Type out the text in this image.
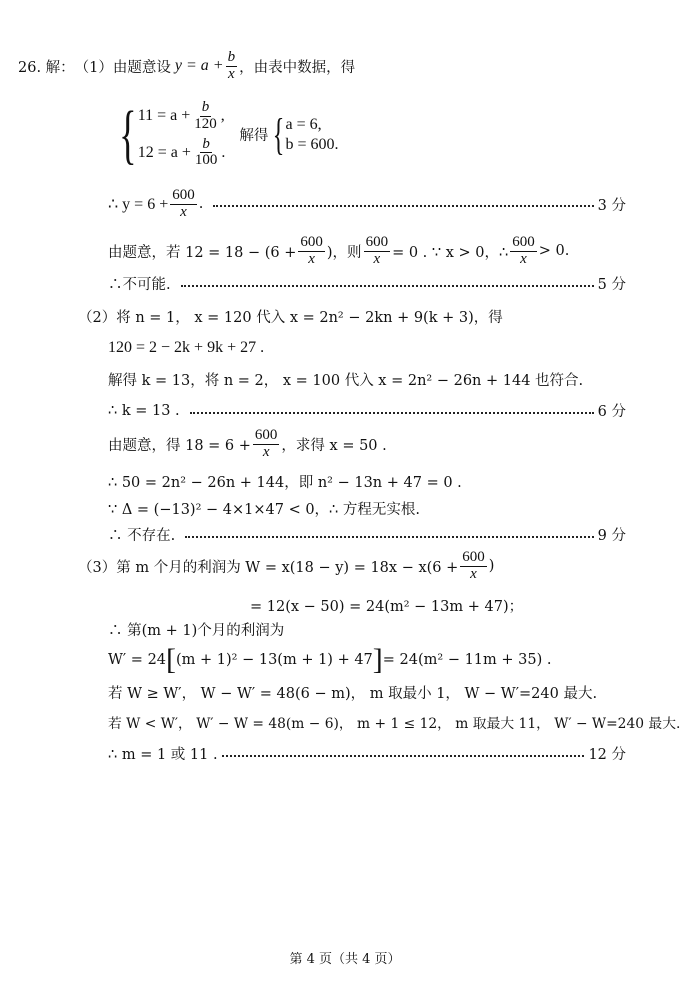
26. 解： （1） 由题意设 $y = a + \frac{b}{x}$ ，由表中数据，得
{ $11 = a + \frac{b}{120}$ ,
$12 = a + \frac{b}{100}$ .
解得 { a = 6,
b = 600.
∴ $y = 6 + \frac{600}{x}$ .	3 分
由题意，若 $12 = 18 - (6 + \frac{600}{x}$ )，则 $\frac{600}{x} = 0$ . ∵ x > 0，∴ $\frac{600}{x} > 0$.
∴不可能.	5 分
（2） 将 n = 1， x = 120 代入 x = 2n² − 2kn + 9(k + 3)，得
120 = 2 − 2k + 9k + 27 .
解得 k = 13，将 n = 2， x = 100 代入 x = 2n² − 26n + 144 也符合.
∴ k = 13 .	6 分
由题意，得 $18 = 6 + \frac{600}{x}$ ，求得 x = 50 .
∴ 50 = 2n² − 26n + 144，即 n² − 13n + 47 = 0 .
∵ Δ = (−13)² − 4×1×47 < 0，∴ 方程无实根.
∴ 不存在.	9 分
（3） 第 m 个月的利润为 $W = x(18 - y) = 18x - x(6 + \frac{600}{x}$ )
= 12(x − 50) = 24(m² − 13m + 47)；
∴ 第(m + 1)个月的利润为
W′ = 24 [ (m + 1)² − 13(m + 1) + 47 ] = 24(m² − 11m + 35) .
若 W ≥ W′， W − W′ = 48(6 − m)， m 取最小 1， W − W′=240 最大.
若 W < W′， W′ − W = 48(m − 6)， m + 1 ≤ 12， m 取最大 11， W′ − W=240 最大.
∴ m = 1 或 11 .	12 分
第 4 页（共 4 页）
